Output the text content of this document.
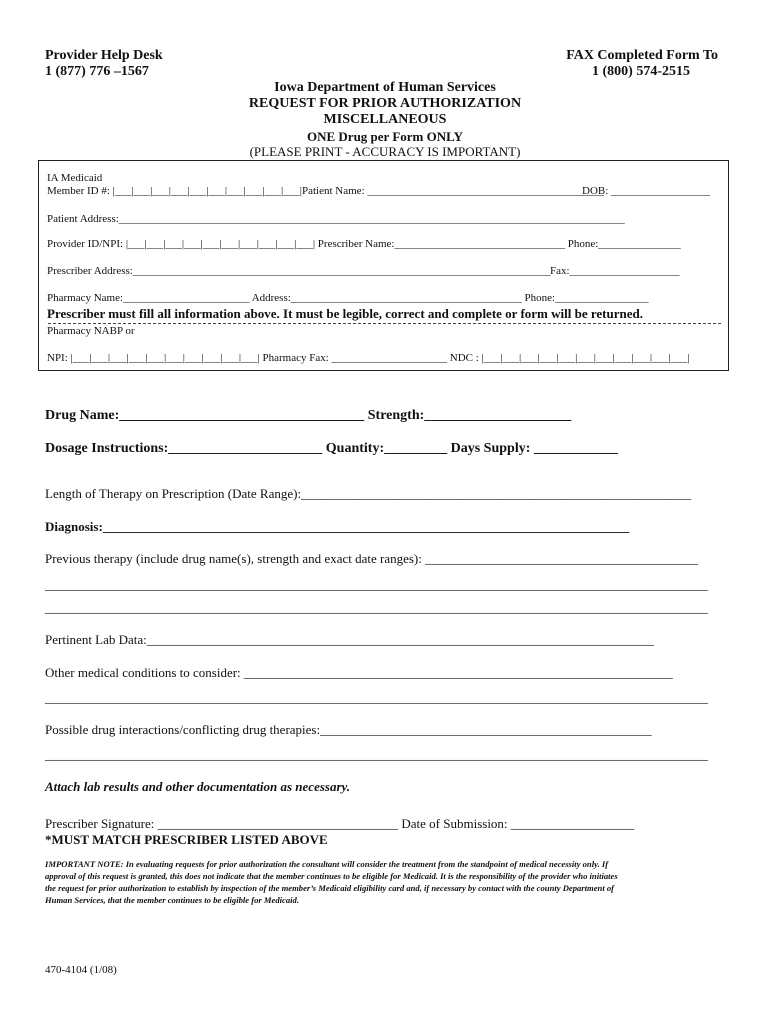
Provider Help Desk
1 (877) 776 –1567
FAX Completed Form To
1 (800) 574-2515
Iowa Department of Human Services
REQUEST FOR PRIOR AUTHORIZATION
MISCELLANEOUS
ONE Drug per Form ONLY
(PLEASE PRINT - ACCURACY IS IMPORTANT)
IA Medicaid
Member ID #: |___|___|___|___|___|___|___|___|___|___| Patient Name: ___________________________________________
DOB: __________________
Patient Address:____________________________________________________________________________________________
Provider ID/NPI: |___|___|___|___|___|___|___|___|___|___| Prescriber Name:_______________________________ Phone:_______________
Prescriber Address:____________________________________________________________________________ Fax:____________________
Pharmacy Name:_______________________ Address:__________________________________________ Phone:_________________
Prescriber must fill all information above. It must be legible, correct and complete or form will be returned.
Pharmacy NABP or
NPI: |___|___|___|___|___|___|___|___|___|___| Pharmacy Fax: _____________________ NDC : |___|___|___|___|___|___|___|___|___|___|___|
Drug Name:___________________________________ Strength:_____________________
Dosage Instructions:______________________ Quantity:_________ Days Supply: ____________
Length of Therapy on Prescription (Date Range):____________________________________________________________
Diagnosis:_________________________________________________________________________________
Previous therapy (include drug name(s), strength and exact date ranges): __________________________________________
______________________________________________________________________________________________________
______________________________________________________________________________________________________
Pertinent Lab Data:______________________________________________________________________________
Other medical conditions to consider: __________________________________________________________________
______________________________________________________________________________________________________
Possible drug interactions/conflicting drug therapies:___________________________________________________
______________________________________________________________________________________________________
Attach lab results and other documentation as necessary.
Prescriber Signature: _____________________________________ Date of Submission: ___________________
*MUST MATCH PRESCRIBER LISTED ABOVE
IMPORTANT NOTE: In evaluating requests for prior authorization the consultant will consider the treatment from the standpoint of medical necessity only. If
approval of this request is granted, this does not indicate that the member continues to be eligible for Medicaid. It is the responsibility of the provider who initiates
the request for prior authorization to establish by inspection of the member’s Medicaid eligibility card and, if necessary by contact with the county Department of
Human Services, that the member continues to be eligible for Medicaid.
470-4104 (1/08)
